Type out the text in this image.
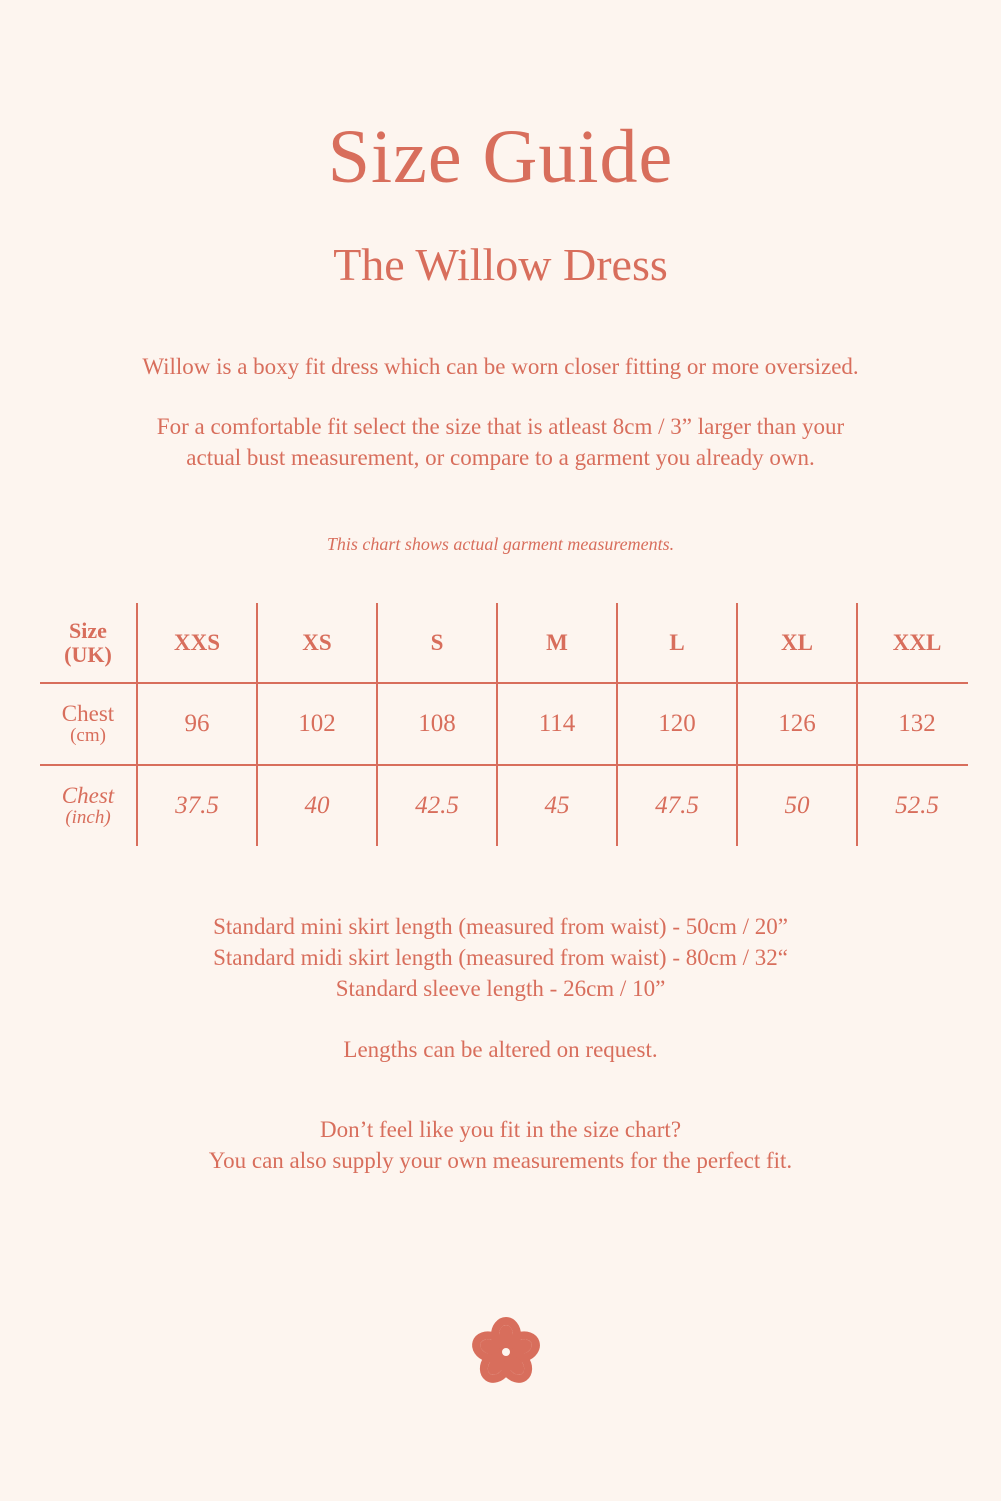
Size Guide
The Willow Dress

Willow is a boxy fit dress which can be worn closer fitting or more oversized.

For a comfortable fit select the size that is atleast 8cm / 3” larger than your
actual bust measurement, or compare to a garment you already own.
This chart shows actual garment measurements.
Size
(UK)	XXS	XS	S	M	L	XL	XXL
Chest
(cm)	96	102	108	114	120	126	132
Chest
(inch)	37.5	40	42.5	45	47.5	50	52.5
Standard mini skirt length (measured from waist) - 50cm / 20”
Standard midi skirt length (measured from waist) - 80cm / 32“
Standard sleeve length - 26cm / 10”
Lengths can be altered on request.
Don’t feel like you fit in the size chart?
You can also supply your own measurements for the perfect fit.
